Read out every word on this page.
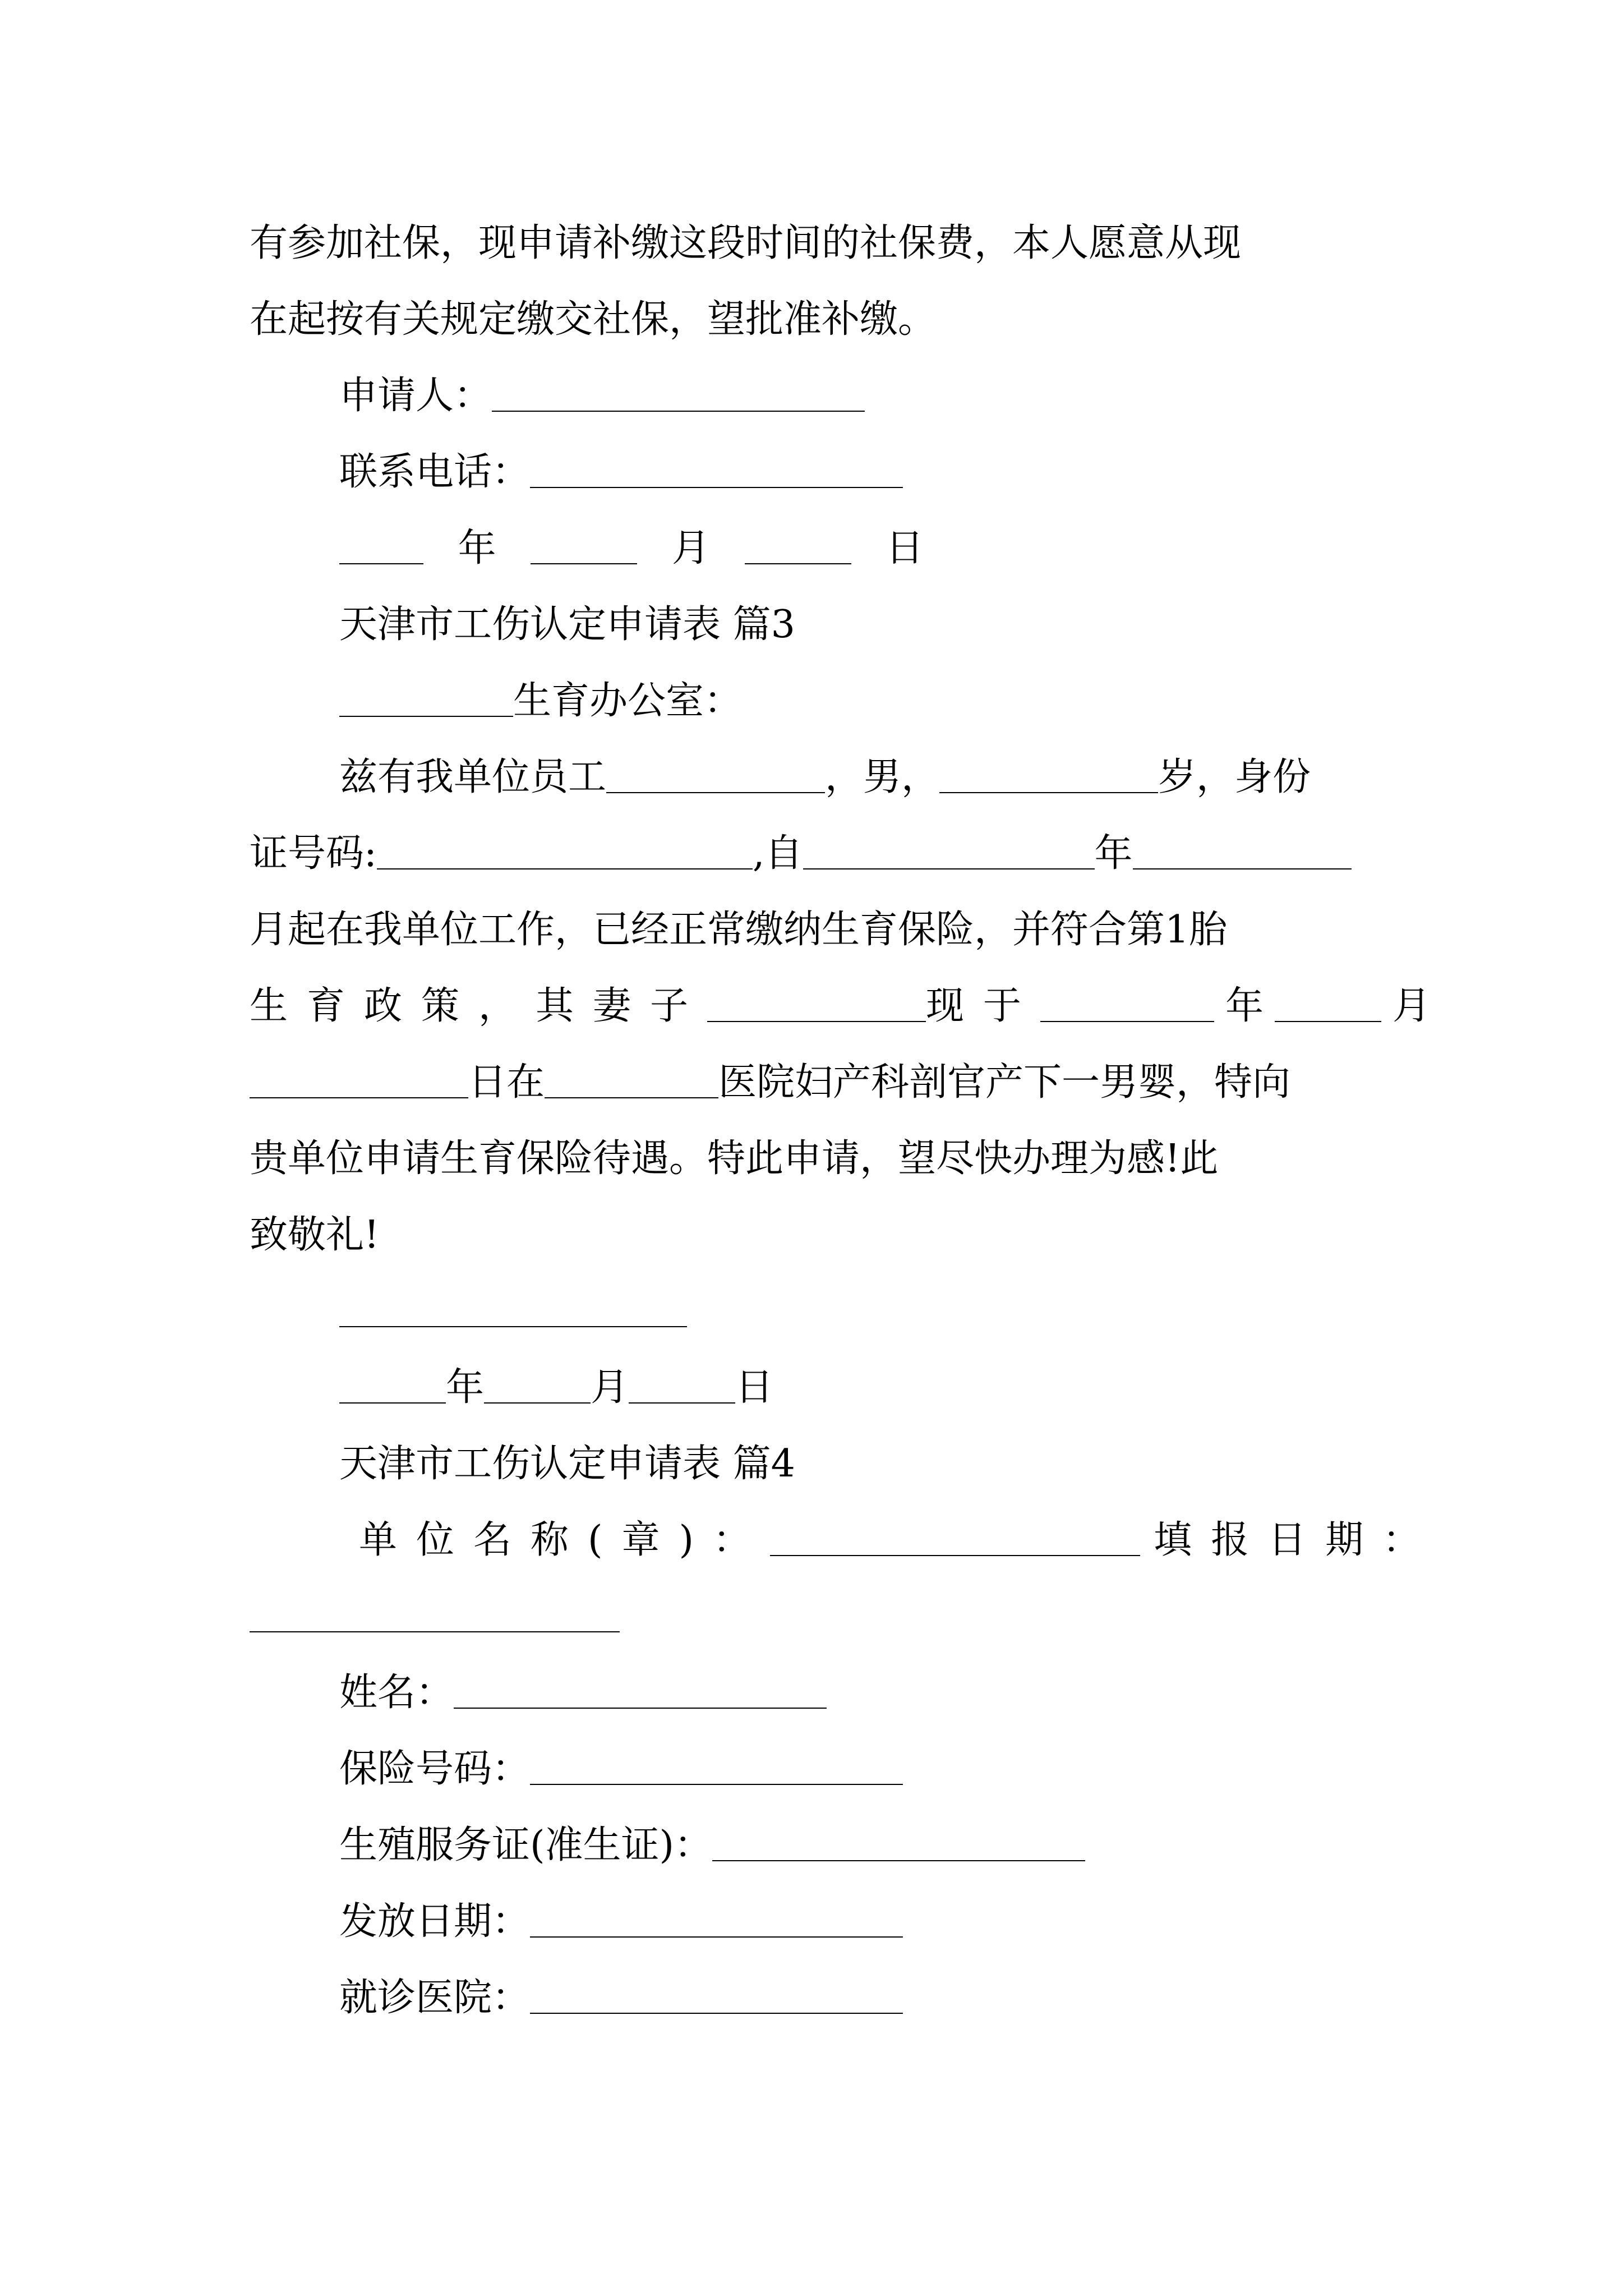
有参加社保，现申请补缴这段时间的社保费，本人愿意从现
在起按有关规定缴交社保，望批准补缴。
申请人：
联系电话：
年	月	日
天津市工伤认定申请表 篇3
生育办公室：
兹有我单位员工	，男，	岁，身份
证号码:	,自	年
月起在我单位工作，已经正常缴纳生育保险，并符合第1胎
生育政策，其妻子	现于	年	月
日在	医院妇产科剖官产下一男婴，特向
贵单位申请生育保险待遇。特此申请，望尽快办理为感!此
致敬礼!
年	月	日
天津市工伤认定申请表 篇4
单位名称(章)：	填报日期：
姓名：
保险号码：
生殖服务证(准生证)：
发放日期：
就诊医院：
